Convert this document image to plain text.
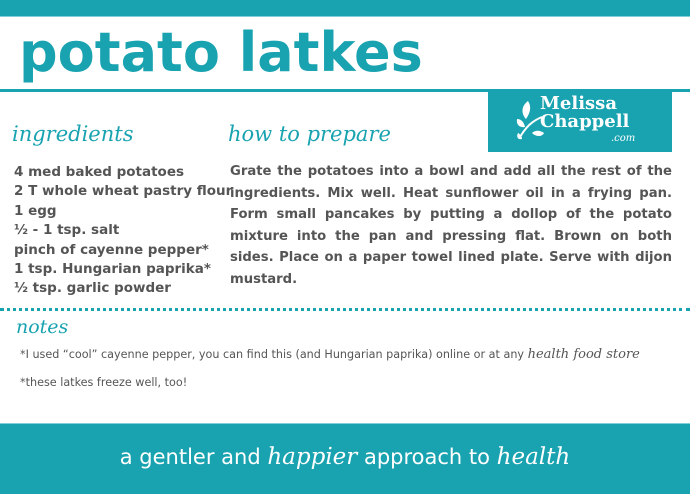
potato latkes
Melissa
Chappell
.com
ingredients
4 med baked potatoes
2 T whole wheat pastry flour
1 egg
½ - 1 tsp. salt
pinch of cayenne pepper*
1 tsp. Hungarian paprika*
½ tsp. garlic powder
how to prepare

Grate the potatoes into a bowl and add all the rest of the ingredients. Mix well. Heat sunflower oil in a frying pan. Form small pancakes by putting a dollop of the potato mixture into the pan and pressing flat. Brown on both sides. Place on a paper towel lined plate. Serve with dijon mustard.

notes
*I used “cool” cayenne pepper, you can find this (and Hungarian paprika) online or at any health food store
*these latkes freeze well, too!
a gentler and happier approach to health
